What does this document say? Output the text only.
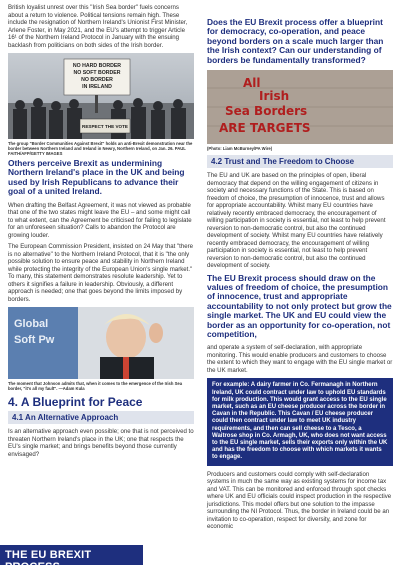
British loyalist unrest over this "Irish Sea border" fuels concerns about a return to violence. Political tensions remain high. These include the resignation of Northern Ireland's Unionist First Minister, Arlene Foster, in May 2021, and the EU's attempt to trigger Article 16¹ of the Northern Ireland Protocol in January with the ensuing backlash from politicians on both sides of the Irish border.

NO HARD BORDER
NO SOFT BORDER
NO BORDER
IN IRELAND
RESPECT THE VOTE

The group "Border Communities Against Brexit" holds an anti-Brexit demonstration near the border between Northern Ireland and Ireland in Newry, Northern Ireland, on Jan. 26. PAUL FAITH/AFP/GETTY IMAGES

Others perceive Brexit as undermining Northern Ireland's place in the UK and being used by Irish Republicans to advance their goal of a united Ireland.

When drafting the Belfast Agreement, it was not viewed as probable that one of the two states might leave the EU – and some might call to what extent, can the Agreement be criticised for failing to legislate for an unforeseen situation? Calls to abandon the Protocol are growing louder.

The European Commission President, insisted on 24 May that "there is no alternative" to the Northern Ireland Protocol, that it is "the only possible solution to ensure peace and stability in Northern Ireland while protecting the integrity of the European Union's single market." To many, this statement demonstrates resolute leadership. Yet to others it signifies a failure in leadership. Obviously, a different approach is needed; one that goes beyond the limits imposed by borders.

Global
Soft Pw

The moment that Johnson admits that, when it comes to the emergence of the Irish Sea border, "it's all my fault". —Adam Kula

4. A Blueprint for Peace
4.1 An Alternative Approach

Is an alternative approach even possible; one that is not perceived to threaten Northern Ireland's place in the UK; one that respects the EU's single market; and brings benefits beyond those currently envisaged?

Does the EU Brexit process offer a blueprint for democracy, co-operation, and peace beyond borders on a scale much larger than the Irish context? Can our understanding of borders be fundamentally transformed?

All
Irish
Sea Borders
ARE TARGETS

(Photo: Liam McBurney/PA Wire)

4.2 Trust and The Freedom to Choose

The EU and UK are based on the principles of open, liberal democracy that depend on the willing engagement of citizens in society and necessary functions of the State. This is based on freedom of choice, the presumption of innocence, trust and allows for appropriate accountability. Whilst many EU countries have relatively recently embraced democracy, the encouragement of willing participation in society is essential, not least to help prevent reversion to non-democratic control, but also the continued development of society. Whilst many EU countries have relatively recently embraced democracy, the encouragement of willing participation in society is essential, not least to help prevent reversion to non-democratic control, but also the continued development of society.

The EU Brexit process should draw on the values of freedom of choice, the presumption of innocence, trust and appropriate accountability to not only protect but grow the single market. The UK and EU could view the border as an opportunity for co-operation, not competition,

and operate a system of self-declaration, with appropriate monitoring. This would enable producers and customers to choose the extent to which they want to engage with the EU single market or the UK market.

For example: A dairy farmer in Co. Fermanagh in Northern Ireland, UK could contract under law to uphold EU standards for milk production. This would grant access to the EU single market, such as an EU cheese producer across the border in Cavan in the Republic. This Cavan / EU cheese producer could then contract under law to meet UK industry requirements, and then can sell cheese to a Tesco, a Waitrose shop in Co. Armagh, UK, who does not want access to the EU single market, sells their exports only within the UK and has the freedom to choose with which markets it wants to engage.

Producers and customers could comply with self-declaration systems in much the same way as existing systems for income tax and VAT. This can be monitored and enforced through spot checks where UK and EU officials could inspect production in the respective jurisdictions. This model offers but one solution to the impasse surrounding the NI Protocol. Thus, the border in Ireland could be an invitation to co-operation, respect for diversity, and zone for economic

THE EU BREXIT PROCESS
